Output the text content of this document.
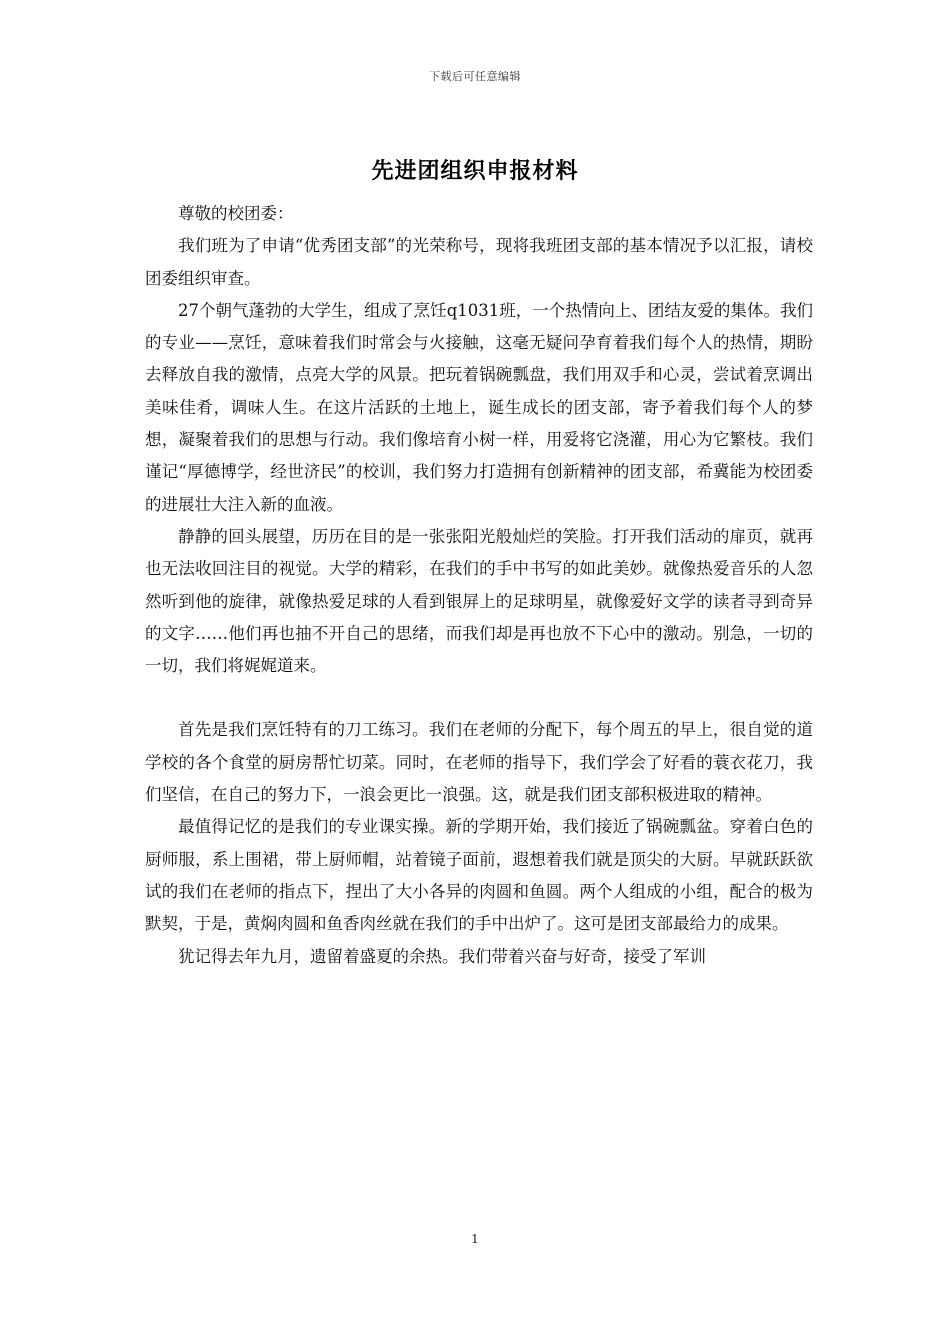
下载后可任意编辑
先进团组织申报材料

尊敬的校团委：

我们班为了申请“优秀团支部”的光荣称号，现将我班团支部的基本情况予以汇报，请校团委组织审查。

27个朝气蓬勃的大学生，组成了烹饪q1031班，一个热情向上、团结友爱的集体。我们的专业——烹饪，意味着我们时常会与火接触，这毫无疑问孕育着我们每个人的热情，期盼去释放自我的激情，点亮大学的风景。把玩着锅碗瓢盘，我们用双手和心灵，尝试着烹调出美味佳肴，调味人生。在这片活跃的土地上，诞生成长的团支部，寄予着我们每个人的梦想，凝聚着我们的思想与行动。我们像培育小树一样，用爱将它浇灌，用心为它繁枝。我们谨记“厚德博学，经世济民”的校训，我们努力打造拥有创新精神的团支部，希冀能为校团委的进展壮大注入新的血液。

静静的回头展望，历历在目的是一张张阳光般灿烂的笑脸。打开我们活动的扉页，就再也无法收回注目的视觉。大学的精彩，在我们的手中书写的如此美妙。就像热爱音乐的人忽然听到他的旋律，就像热爱足球的人看到银屏上的足球明星，就像爱好文学的读者寻到奇异的文字……他们再也抽不开自己的思绪，而我们却是再也放不下心中的激动。别急，一切的一切，我们将娓娓道来。

首先是我们烹饪特有的刀工练习。我们在老师的分配下，每个周五的早上，很自觉的道学校的各个食堂的厨房帮忙切菜。同时，在老师的指导下，我们学会了好看的蓑衣花刀，我们坚信，在自己的努力下，一浪会更比一浪强。这，就是我们团支部积极进取的精神。

最值得记忆的是我们的专业课实操。新的学期开始，我们接近了锅碗瓢盆。穿着白色的厨师服，系上围裙，带上厨师帽，站着镜子面前，遐想着我们就是顶尖的大厨。早就跃跃欲试的我们在老师的指点下，捏出了大小各异的肉圆和鱼圆。两个人组成的小组，配合的极为默契，于是，黄焖肉圆和鱼香肉丝就在我们的手中出炉了。这可是团支部最给力的成果。

犹记得去年九月，遗留着盛夏的余热。我们带着兴奋与好奇，接受了军训

1
